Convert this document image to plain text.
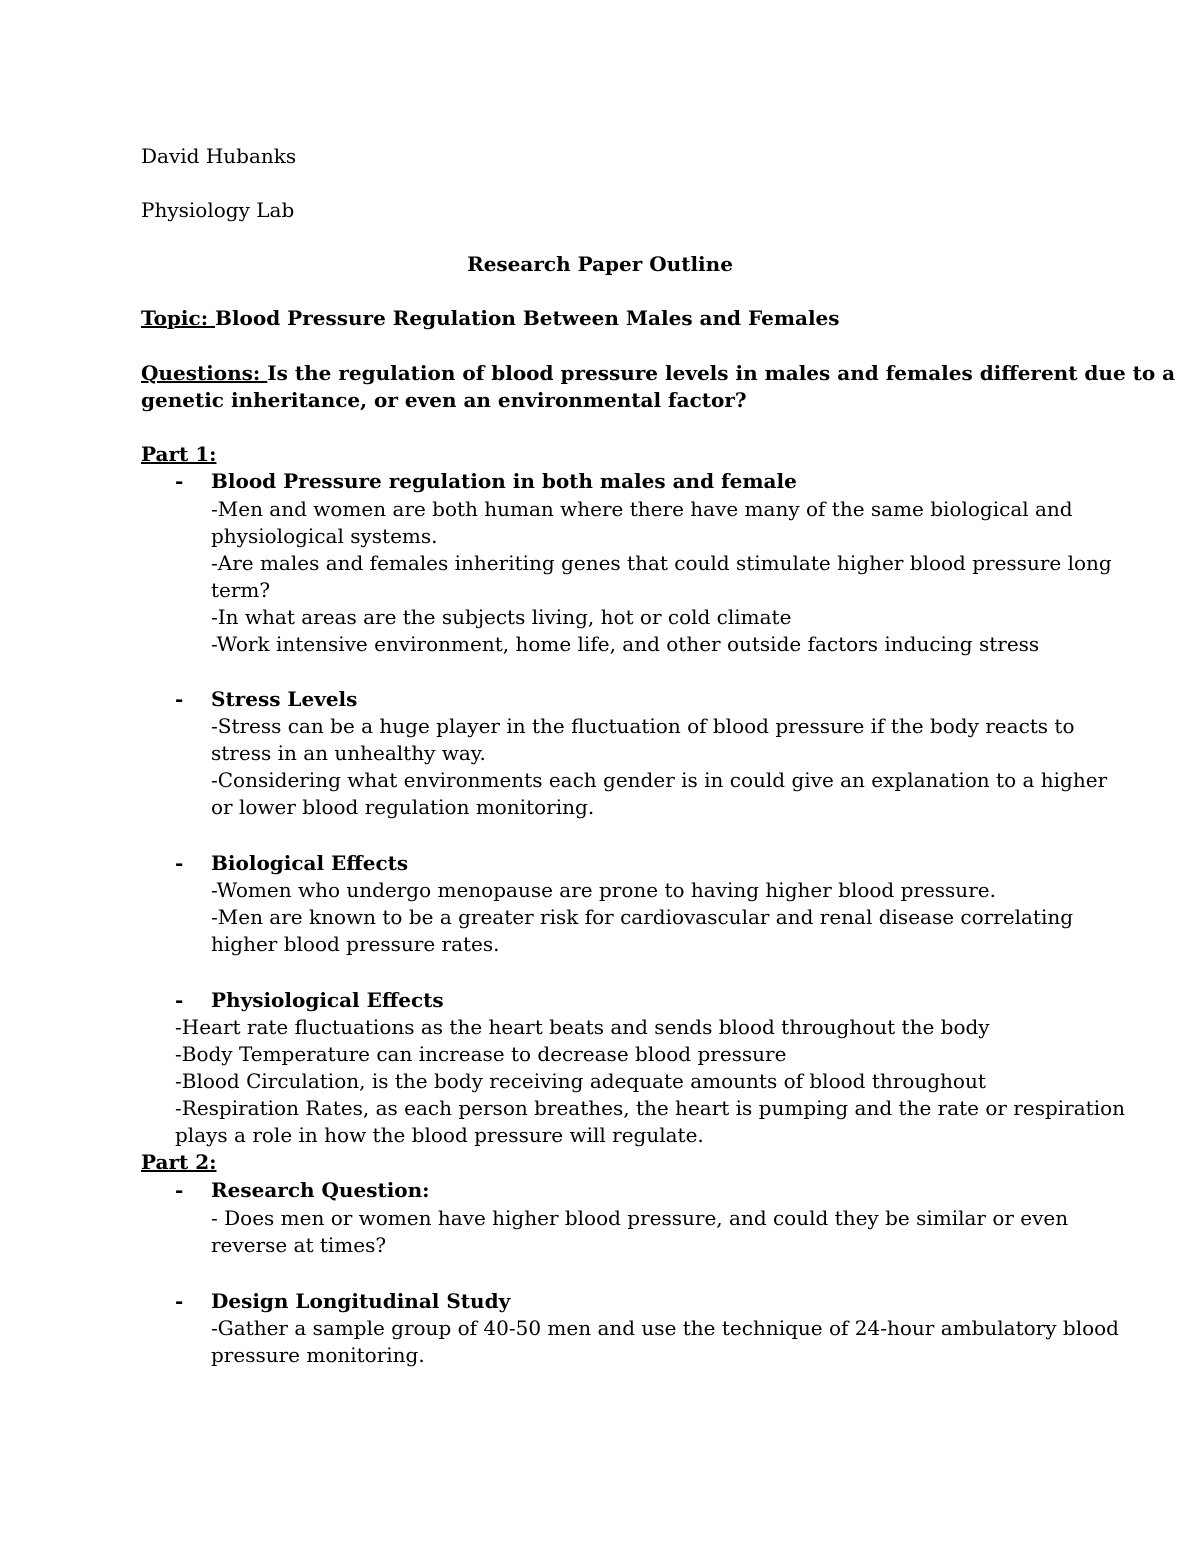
David Hubanks
Physiology Lab
Research Paper Outline
Topic: Blood Pressure Regulation Between Males and Females
Questions: Is the regulation of blood pressure levels in males and females different due to a
genetic inheritance, or even an environmental factor?
Part 1:
- Blood Pressure regulation in both males and female
-Men and women are both human where there have many of the same biological and
physiological systems.
-Are males and females inheriting genes that could stimulate higher blood pressure long
term?
-In what areas are the subjects living, hot or cold climate
-Work intensive environment, home life, and other outside factors inducing stress
- Stress Levels
-Stress can be a huge player in the fluctuation of blood pressure if the body reacts to
stress in an unhealthy way.
-Considering what environments each gender is in could give an explanation to a higher
or lower blood regulation monitoring.
- Biological Effects
-Women who undergo menopause are prone to having higher blood pressure.
-Men are known to be a greater risk for cardiovascular and renal disease correlating
higher blood pressure rates.
- Physiological Effects
-Heart rate fluctuations as the heart beats and sends blood throughout the body
-Body Temperature can increase to decrease blood pressure
-Blood Circulation, is the body receiving adequate amounts of blood throughout
-Respiration Rates, as each person breathes, the heart is pumping and the rate or respiration
plays a role in how the blood pressure will regulate.
Part 2:
- Research Question:
- Does men or women have higher blood pressure, and could they be similar or even
reverse at times?
- Design Longitudinal Study
-Gather a sample group of 40-50 men and use the technique of 24-hour ambulatory blood
pressure monitoring.
